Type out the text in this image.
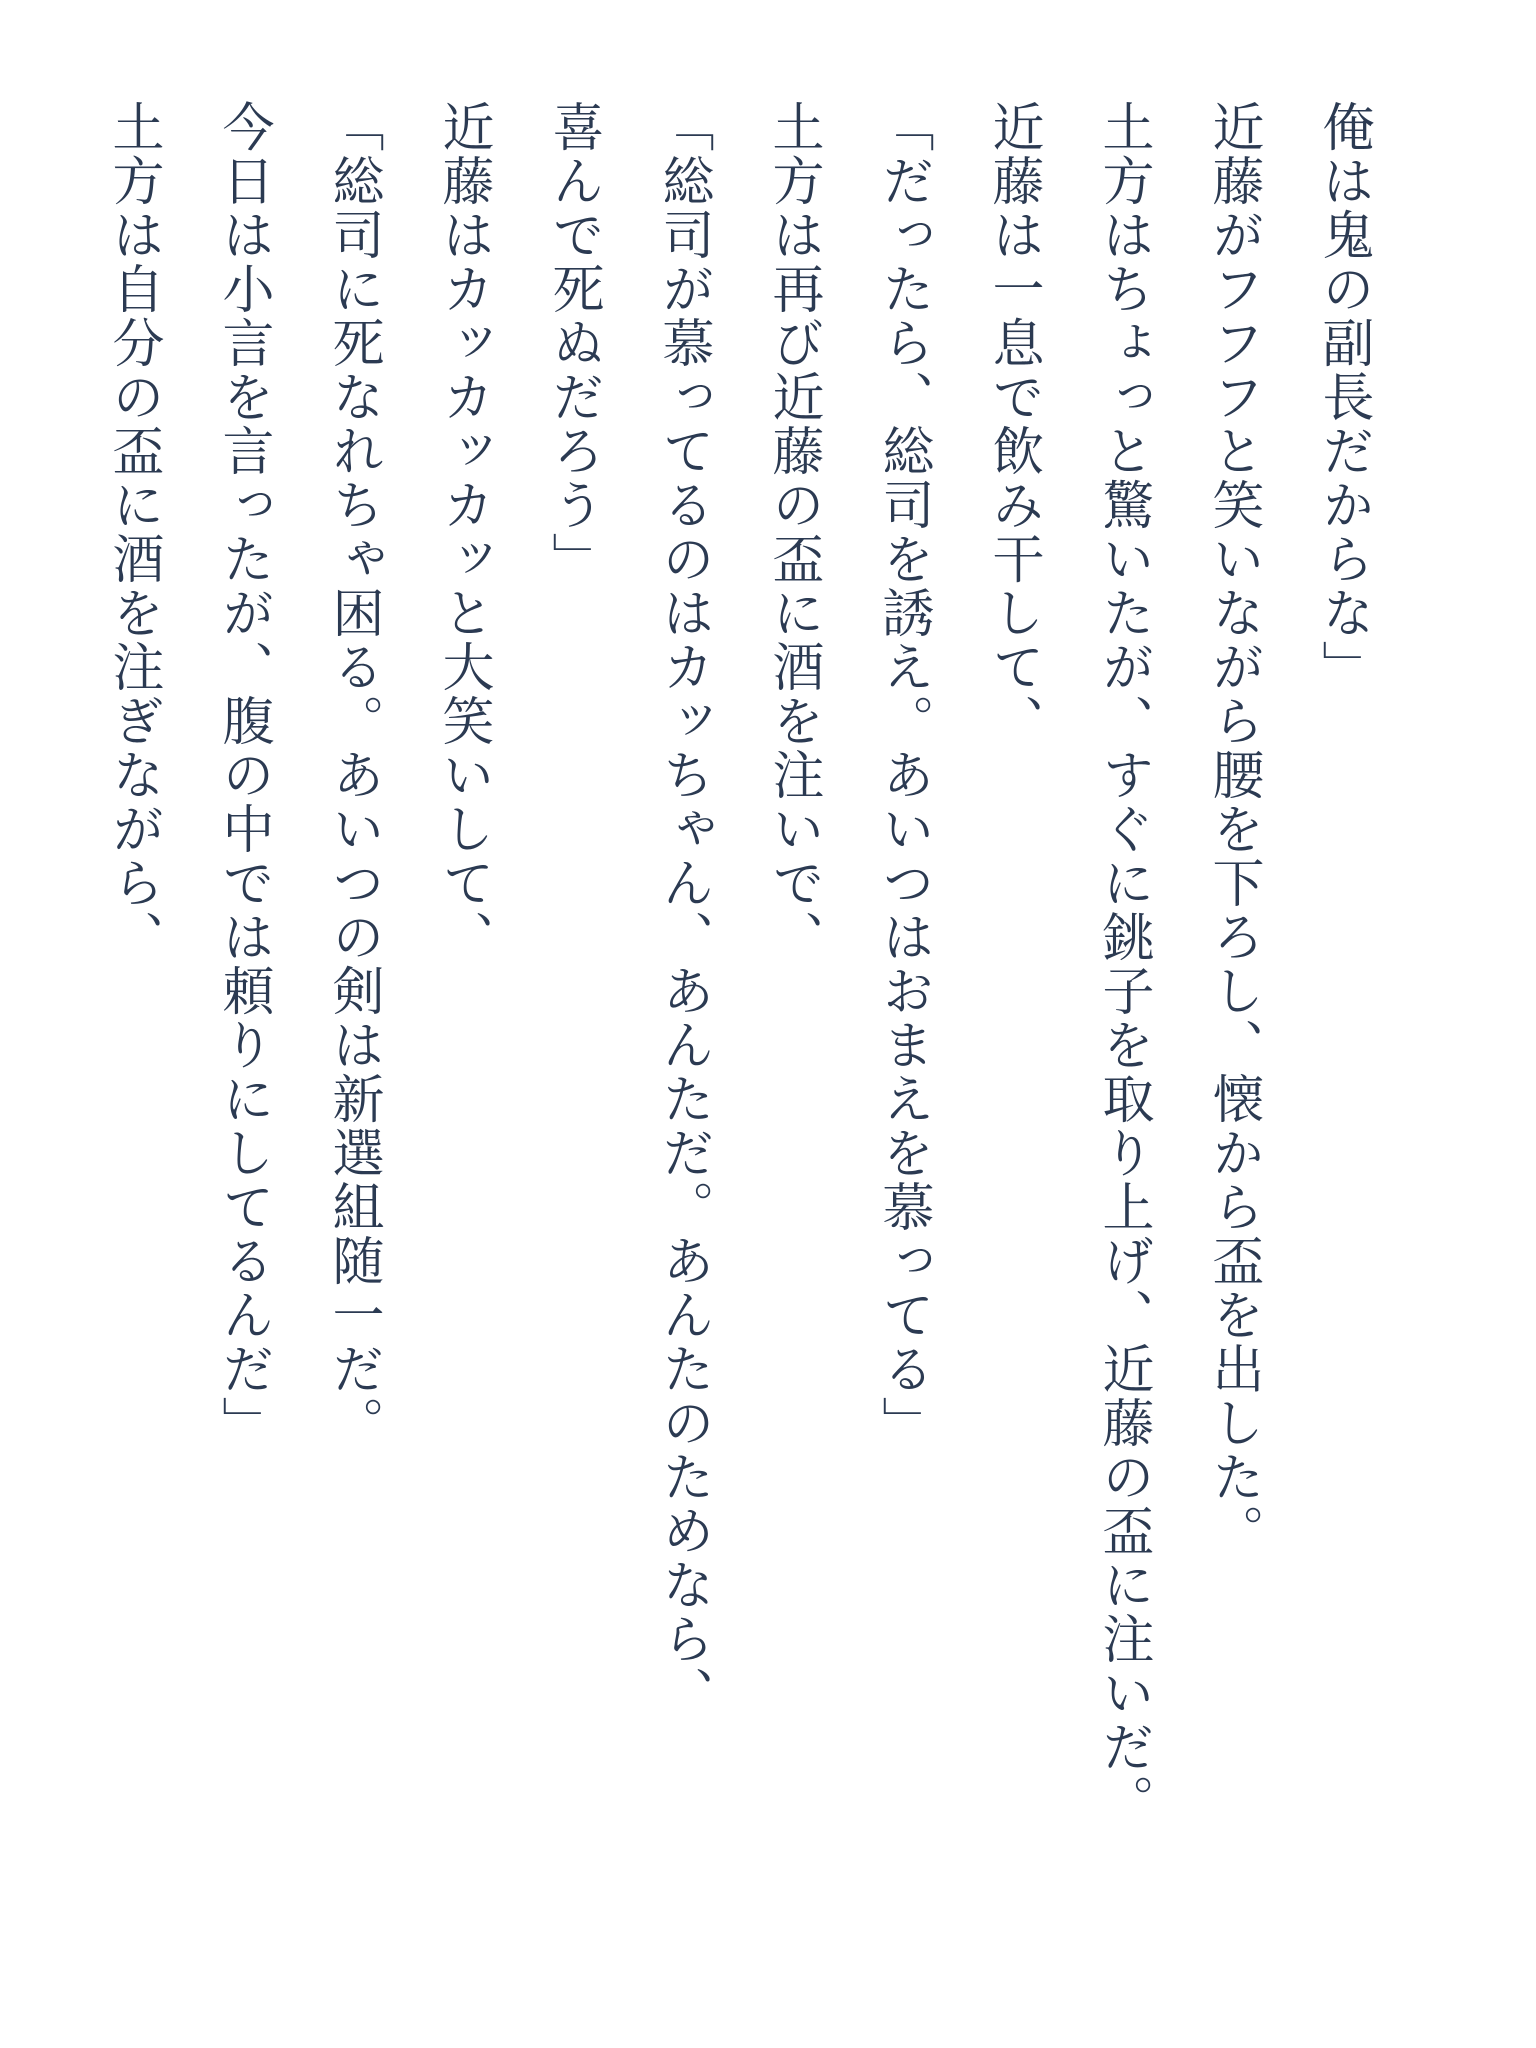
俺は鬼の副長だからな」
近藤がフフフと笑いながら腰を下ろし、懐から盃を出した。
土方はちょっと驚いたが、すぐに銚子を取り上げ、近藤の盃に注いだ。
近藤は一息で飲み干して、
「だったら、総司を誘え。あいつはおまえを慕ってる」
土方は再び近藤の盃に酒を注いで、
「総司が慕ってるのはカッちゃん、あんただ。あんたのためなら、
喜んで死ぬだろう」
近藤はカッカッカッと大笑いして、
「総司に死なれちゃ困る。あいつの剣は新選組随一だ。
今日は小言を言ったが、腹の中では頼りにしてるんだ」
土方は自分の盃に酒を注ぎながら、
